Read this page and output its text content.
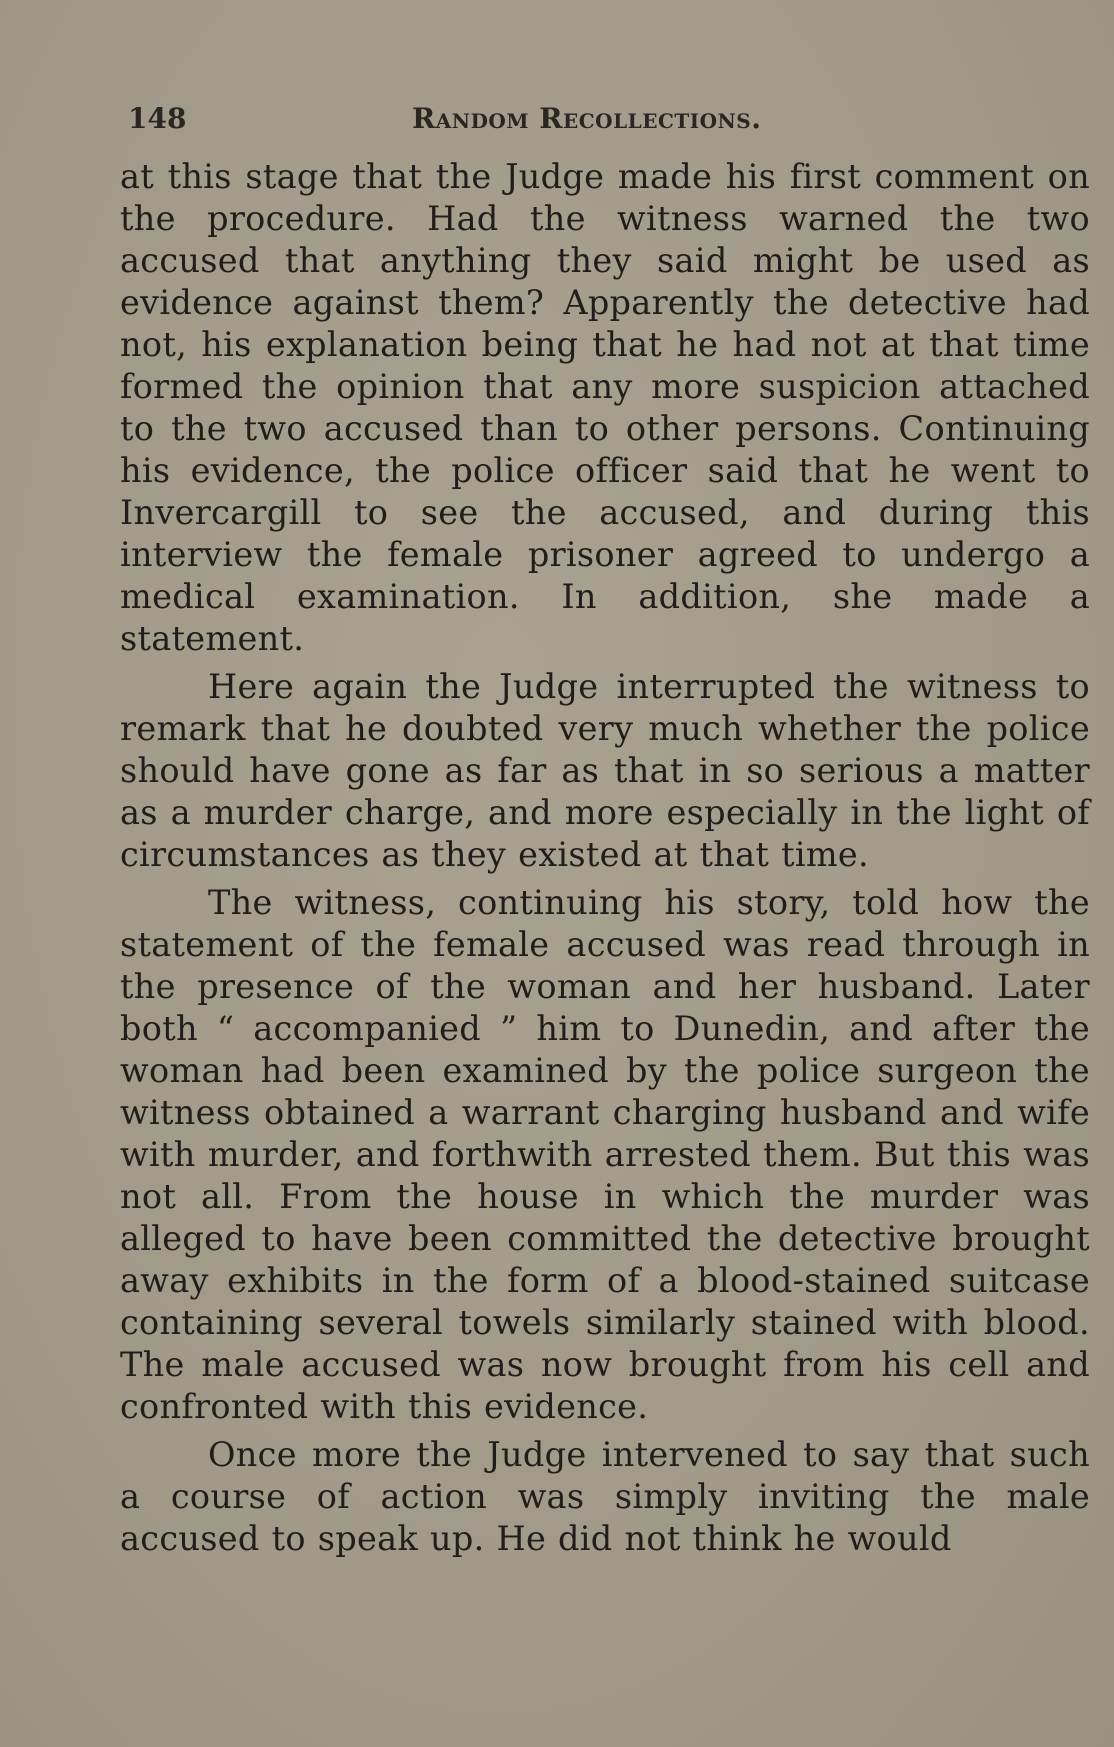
148	Random Recollections.

at this stage that the Judge made his first comment on the procedure. Had the witness warned the two accused that anything they said might be used as evidence against them? Apparently the detective had not, his explanation being that he had not at that time formed the opinion that any more suspicion attached to the two accused than to other persons. Continuing his evidence, the police officer said that he went to Invercargill to see the accused, and during this interview the female prisoner agreed to undergo a medical examination. In addition, she made a statement.

Here again the Judge interrupted the witness to remark that he doubted very much whether the police should have gone as far as that in so serious a matter as a murder charge, and more especially in the light of circumstances as they existed at that time.

The witness, continuing his story, told how the statement of the female accused was read through in the presence of the woman and her husband. Later both “ accompanied ” him to Dunedin, and after the woman had been examined by the police surgeon the witness obtained a warrant charging husband and wife with murder, and forthwith arrested them. But this was not all. From the house in which the murder was alleged to have been committed the detective brought away exhibits in the form of a blood-stained suitcase containing several towels similarly stained with blood. The male accused was now brought from his cell and confronted with this evidence.

Once more the Judge intervened to say that such a course of action was simply inviting the male accused to speak up. He did not think he would
